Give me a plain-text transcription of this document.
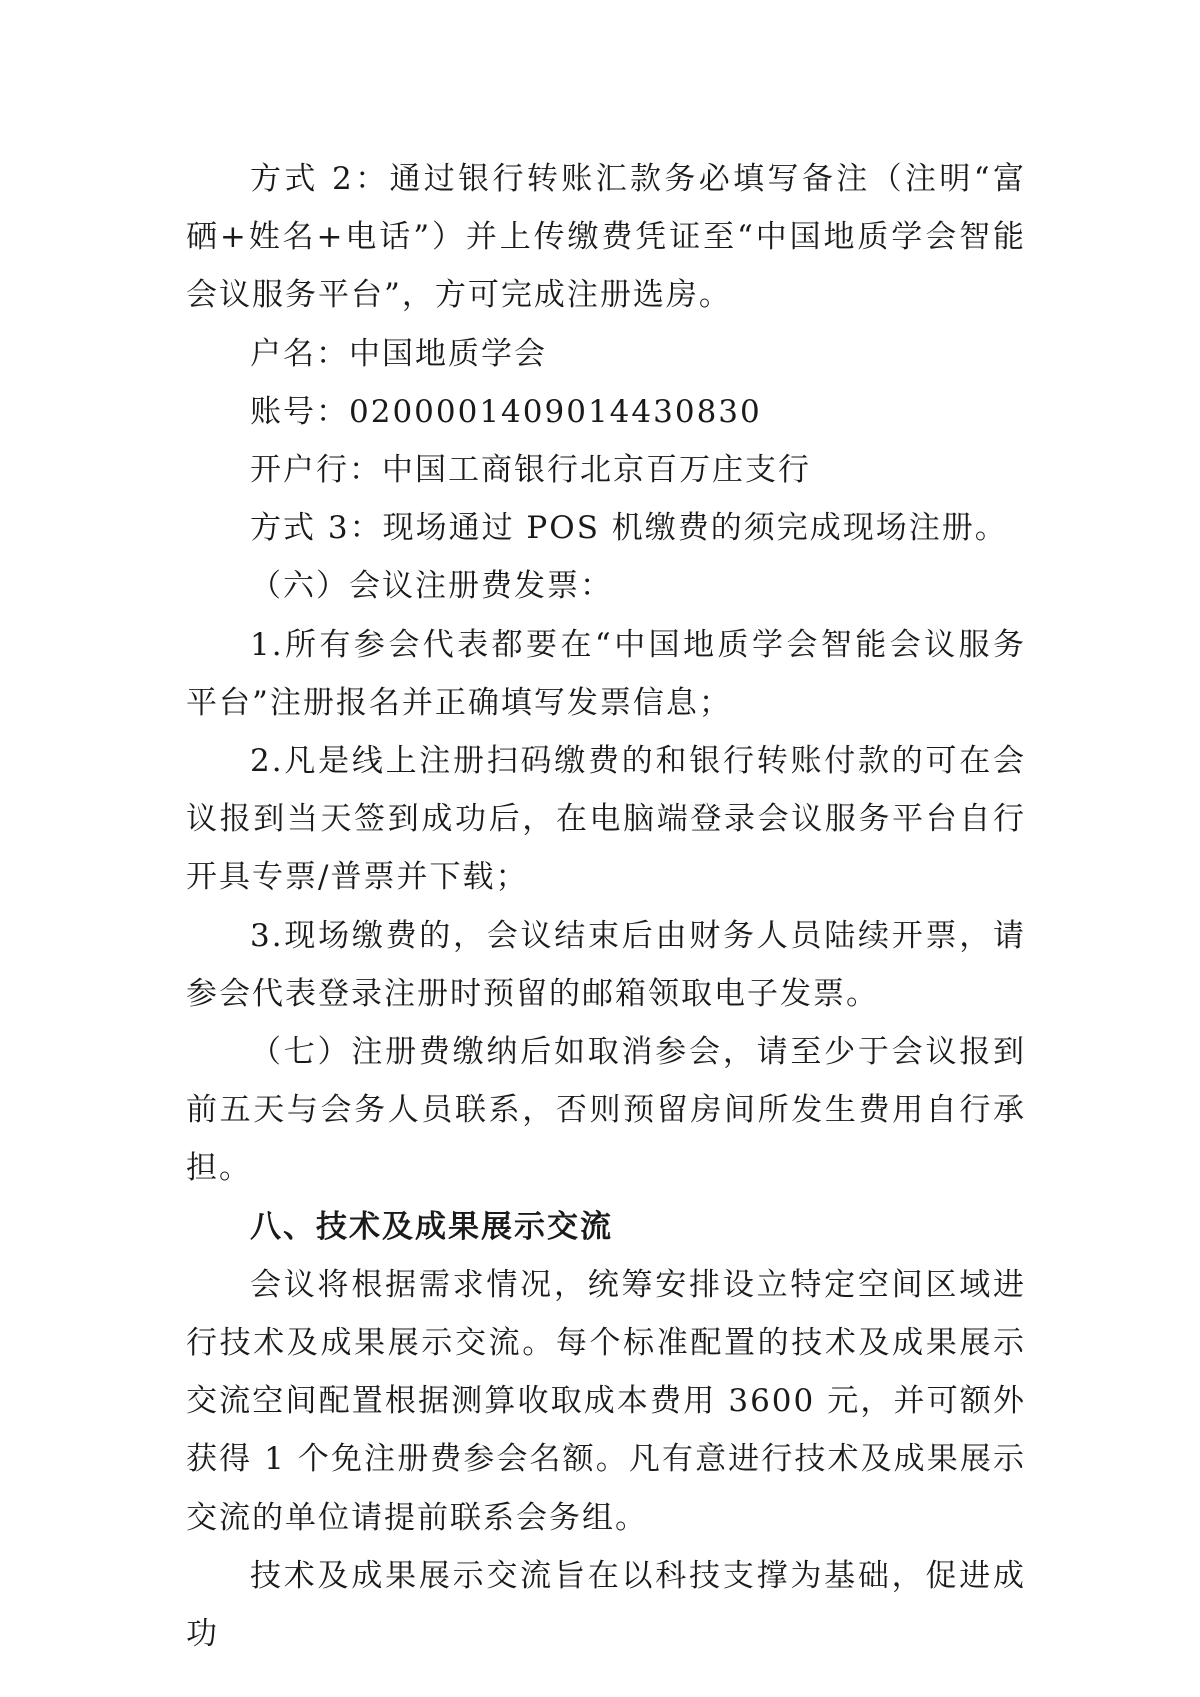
方式 2：通过银行转账汇款务必填写备注（注明“富硒+姓名+电话”）并上传缴费凭证至“中国地质学会智能会议服务平台”，方可完成注册选房。

户名：中国地质学会

账号：0200001409014430830

开户行：中国工商银行北京百万庄支行

方式 3：现场通过 POS 机缴费的须完成现场注册。

（六）会议注册费发票：

1.所有参会代表都要在“中国地质学会智能会议服务平台”注册报名并正确填写发票信息；

2.凡是线上注册扫码缴费的和银行转账付款的可在会议报到当天签到成功后，在电脑端登录会议服务平台自行开具专票/普票并下载；

3.现场缴费的，会议结束后由财务人员陆续开票，请参会代表登录注册时预留的邮箱领取电子发票。

（七）注册费缴纳后如取消参会，请至少于会议报到前五天与会务人员联系，否则预留房间所发生费用自行承担。

八、技术及成果展示交流

会议将根据需求情况，统筹安排设立特定空间区域进行技术及成果展示交流。每个标准配置的技术及成果展示交流空间配置根据测算收取成本费用 3600 元，并可额外获得 1 个免注册费参会名额。凡有意进行技术及成果展示交流的单位请提前联系会务组。

技术及成果展示交流旨在以科技支撑为基础，促进成功
